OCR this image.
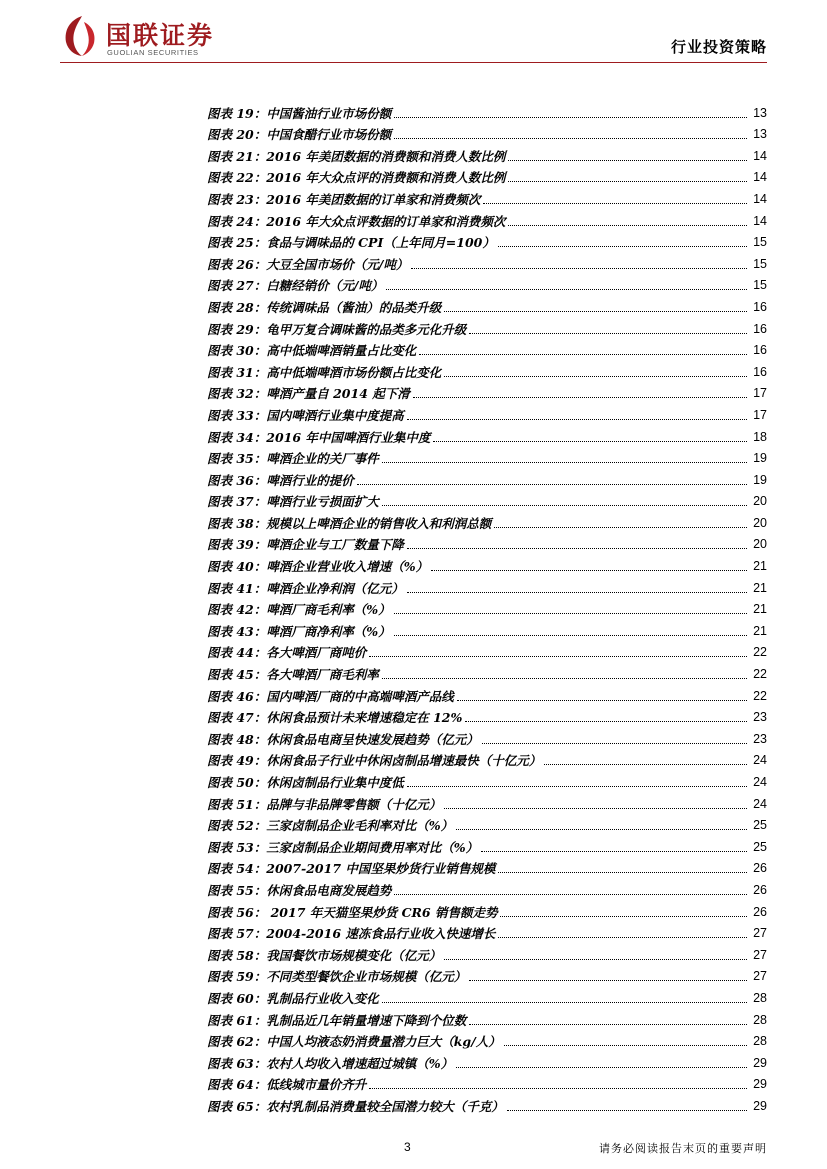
国联证券
GUOLIAN SECURITIES	行业投资策略
图表 19：中国酱油行业市场份额	13
图表 20：中国食醋行业市场份额	13
图表 21：2016 年美团数据的消费额和消费人数比例	14
图表 22：2016 年大众点评的消费额和消费人数比例	14
图表 23：2016 年美团数据的订单家和消费频次	14
图表 24：2016 年大众点评数据的订单家和消费频次	14
图表 25：食品与调味品的 CPI（上年同月=100）	15
图表 26：大豆全国市场价（元/吨）	15
图表 27：白糖经销价（元/吨）	15
图表 28：传统调味品（酱油）的品类升级	16
图表 29：龟甲万复合调味酱的品类多元化升级	16
图表 30：高中低端啤酒销量占比变化	16
图表 31：高中低端啤酒市场份额占比变化	16
图表 32：啤酒产量自 2014 起下滑	17
图表 33：国内啤酒行业集中度提高	17
图表 34：2016 年中国啤酒行业集中度	18
图表 35：啤酒企业的关厂事件	19
图表 36：啤酒行业的提价	19
图表 37：啤酒行业亏损面扩大	20
图表 38：规模以上啤酒企业的销售收入和利润总额	20
图表 39：啤酒企业与工厂数量下降	20
图表 40：啤酒企业营业收入增速（%）	21
图表 41：啤酒企业净利润（亿元）	21
图表 42：啤酒厂商毛利率（%）	21
图表 43：啤酒厂商净利率（%）	21
图表 44：各大啤酒厂商吨价	22
图表 45：各大啤酒厂商毛利率	22
图表 46：国内啤酒厂商的中高端啤酒产品线	22
图表 47：休闲食品预计未来增速稳定在 12%	23
图表 48：休闲食品电商呈快速发展趋势（亿元）	23
图表 49：休闲食品子行业中休闲卤制品增速最快（十亿元）	24
图表 50：休闲卤制品行业集中度低	24
图表 51：品牌与非品牌零售额（十亿元）	24
图表 52：三家卤制品企业毛利率对比（%）	25
图表 53：三家卤制品企业期间费用率对比（%）	25
图表 54：2007-2017 中国坚果炒货行业销售规模	26
图表 55：休闲食品电商发展趋势	26
图表 56： 2017 年天猫坚果炒货 CR6 销售额走势	26
图表 57：2004-2016 速冻食品行业收入快速增长	27
图表 58：我国餐饮市场规模变化（亿元）	27
图表 59：不同类型餐饮企业市场规模（亿元）	27
图表 60：乳制品行业收入变化	28
图表 61：乳制品近几年销量增速下降到个位数	28
图表 62：中国人均液态奶消费量潜力巨大（kg/人）	28
图表 63：农村人均收入增速超过城镇（%）	29
图表 64：低线城市量价齐升	29
图表 65：农村乳制品消费量较全国潜力较大（千克）	29
3	请务必阅读报告末页的重要声明
